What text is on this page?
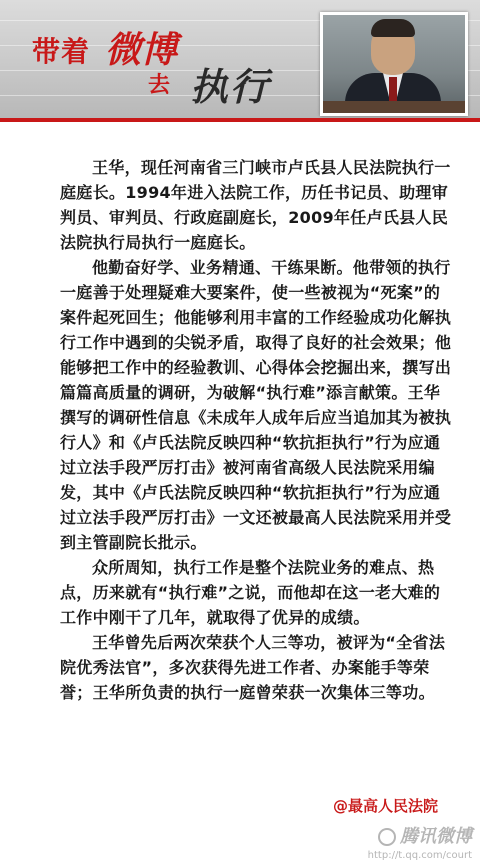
带着 微博
去 执行

王华，现任河南省三门峡市卢氏县人民法院执行一庭庭长。1994年进入法院工作，历任书记员、助理审判员、审判员、行政庭副庭长，2009年任卢氏县人民法院执行局执行一庭庭长。

他勤奋好学、业务精通、干练果断。他带领的执行一庭善于处理疑难大要案件，使一些被视为“死案”的案件起死回生；他能够利用丰富的工作经验成功化解执行工作中遇到的尖锐矛盾，取得了良好的社会效果；他能够把工作中的经验教训、心得体会挖掘出来，撰写出篇篇高质量的调研，为破解“执行难”添言献策。王华撰写的调研性信息《未成年人成年后应当追加其为被执行人》和《卢氏法院反映四种“软抗拒执行”行为应通过立法手段严厉打击》被河南省高级人民法院采用编发，其中《卢氏法院反映四种“软抗拒执行”行为应通过立法手段严厉打击》一文还被最高人民法院采用并受到主管副院长批示。

众所周知，执行工作是整个法院业务的难点、热点，历来就有“执行难”之说，而他却在这一老大难的工作中刚干了几年，就取得了优异的成绩。

王华曾先后两次荣获个人三等功，被评为“全省法院优秀法官”，多次获得先进工作者、办案能手等荣誉；王华所负责的执行一庭曾荣获一次集体三等功。

@最高人民法院
腾讯微博
http://t.qq.com/court
